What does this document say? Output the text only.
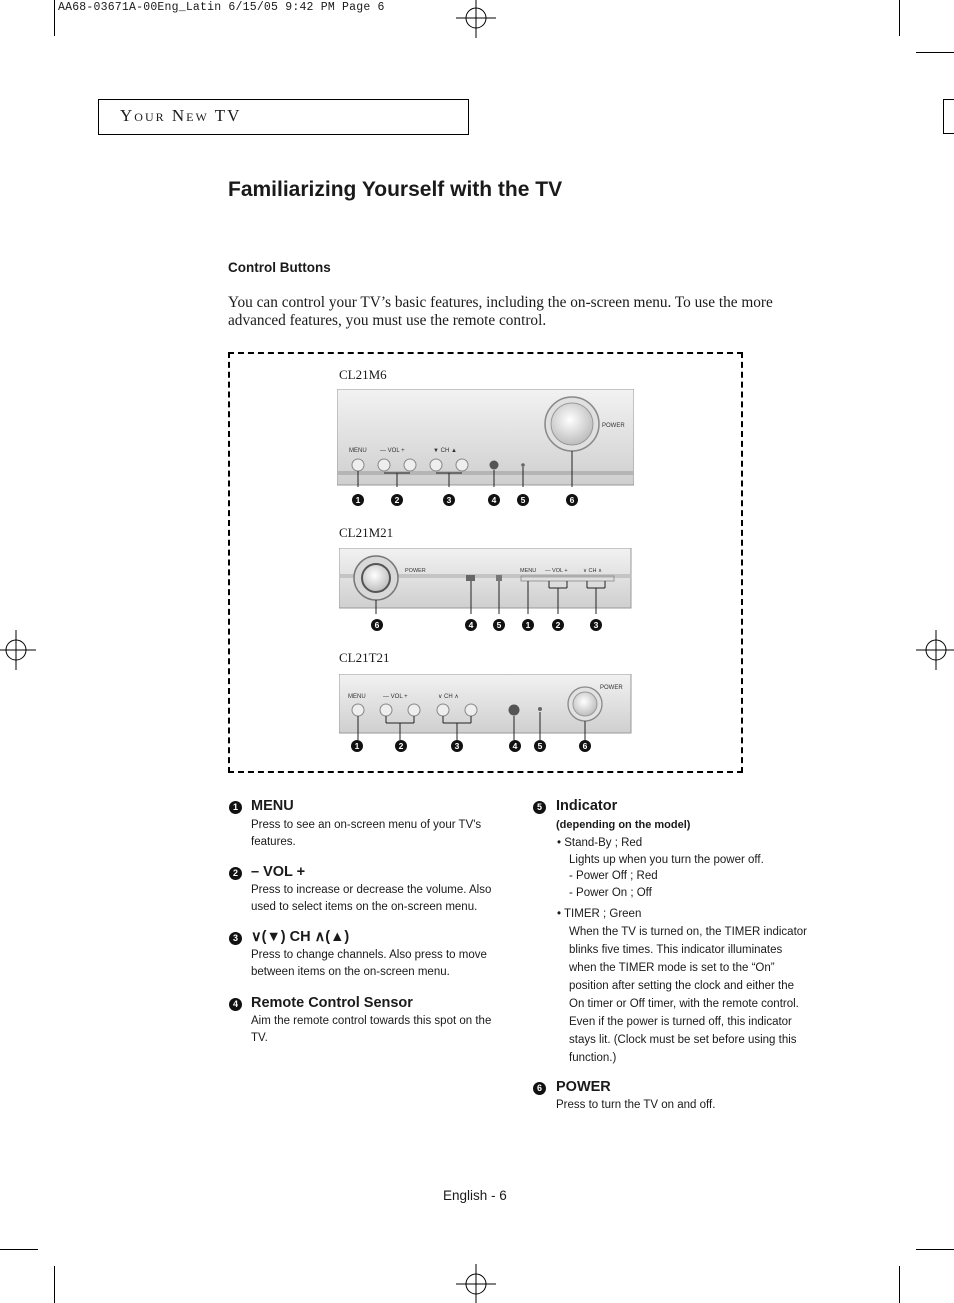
AA68-03671A-00Eng_Latin 6/15/05 9:42 PM Page 6
Your New TV
Familiarizing Yourself with the TV
Control Buttons

You can control your TV’s basic features, including the on-screen menu. To use the more advanced features, you must use the remote control.

CL21M6
POWER
MENU — VOL +	▼ CH ▲
1	2	3	4	5	6
CL21M21
POWER	MENU — VOL +	∨ CH ∧
6	4	5	1	2	3
CL21T21
MENU	— VOL +	∨ CH ∧
POWER
1	2	3	4	5	6
1 MENU
Press to see an on-screen menu of your TV's features.
2 – VOL +
Press to increase or decrease the volume. Also used to select items on the on-screen menu.
3 ∨(▼) CH ∧(▲)
Press to change channels. Also press to move between items on the on-screen menu.
4 Remote Control Sensor
Aim the remote control towards this spot on the TV.
5 Indicator
(depending on the model)
• Stand-By ; Red
Lights up when you turn the power off.
- Power Off ; Red
- Power On ; Off
• TIMER ; Green
When the TV is turned on, the TIMER indicator
blinks five times. This indicator illuminates
when the TIMER mode is set to the “On”
position after setting the clock and either the
On timer or Off timer, with the remote control.
Even if the power is turned off, this indicator
stays lit. (Clock must be set before using this
function.)
6 POWER
Press to turn the TV on and off.
English - 6
